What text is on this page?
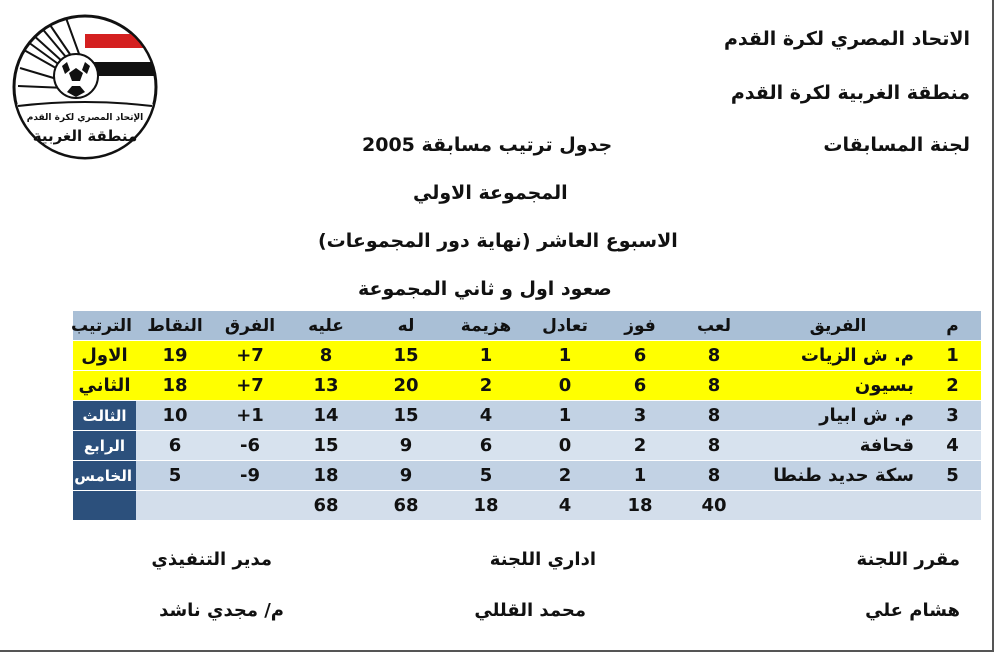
الاتحاد المصري لكرة القدم
منطقة الغربية لكرة القدم
لجنة المسابقات
الإتحاد المصري لكرة القدم
منطقة الغربية	جدول ترتيب مسابقة 2005
المجموعة الاولي
الاسبوع العاشر (نهاية دور المجموعات)
صعود اول و ثاني المجموعة
م	الفريق	لعب	فوز	تعادل	هزيمة	له	عليه	الفرق	النقاط	الترتيب
1	م. ش الزيات	8	6	1	1	15	8	+7	19	الاول
2	بسيون	8	6	0	2	20	13	+7	18	الثاني
3	م. ش ابيار	8	3	1	4	15	14	+1	10	الثالث
4	قحافة	8	2	0	6	9	15	-6	6	الرابع
5	سكة حديد طنطا	8	1	2	5	9	18	-9	5	الخامس
		40	18	4	18	68	68			
مقرر اللجنة
هشام علي
اداري اللجنة
محمد القللي
مدير التنفيذي
م/ مجدي ناشد
